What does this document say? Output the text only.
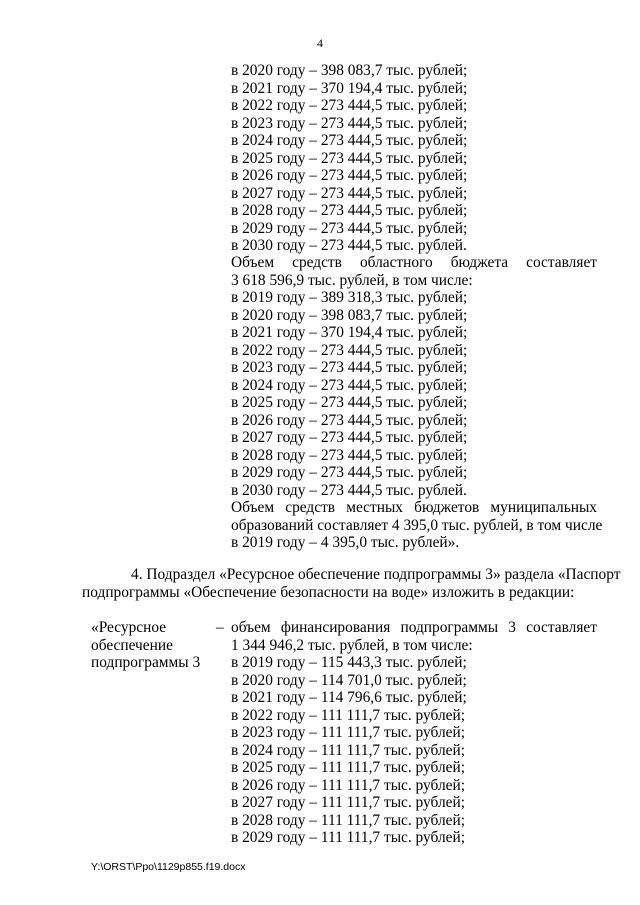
4
в 2020 году – 398 083,7 тыс. рублей;
в 2021 году – 370 194,4 тыс. рублей;
в 2022 году – 273 444,5 тыс. рублей;
в 2023 году – 273 444,5 тыс. рублей;
в 2024 году – 273 444,5 тыс. рублей;
в 2025 году – 273 444,5 тыс. рублей;
в 2026 году – 273 444,5 тыс. рублей;
в 2027 году – 273 444,5 тыс. рублей;
в 2028 году – 273 444,5 тыс. рублей;
в 2029 году – 273 444,5 тыс. рублей;
в 2030 году – 273 444,5 тыс. рублей.
Объем средств областного бюджета составляет
3 618 596,9 тыс. рублей, в том числе:
в 2019 году – 389 318,3 тыс. рублей;
в 2020 году – 398 083,7 тыс. рублей;
в 2021 году – 370 194,4 тыс. рублей;
в 2022 году – 273 444,5 тыс. рублей;
в 2023 году – 273 444,5 тыс. рублей;
в 2024 году – 273 444,5 тыс. рублей;
в 2025 году – 273 444,5 тыс. рублей;
в 2026 году – 273 444,5 тыс. рублей;
в 2027 году – 273 444,5 тыс. рублей;
в 2028 году – 273 444,5 тыс. рублей;
в 2029 году – 273 444,5 тыс. рублей;
в 2030 году – 273 444,5 тыс. рублей.
Объем средств местных бюджетов муниципальных
образований составляет 4 395,0 тыс. рублей, в том числе
в 2019 году – 4 395,0 тыс. рублей».
4. Подраздел «Ресурсное обеспечение подпрограммы 3» раздела «Паспорт
подпрограммы «Обеспечение безопасности на воде» изложить в редакции:
«Ресурсное
обеспечение
подпрограммы 3
– объем финансирования подпрограммы 3 составляет
1 344 946,2 тыс. рублей, в том числе:
в 2019 году – 115 443,3 тыс. рублей;
в 2020 году – 114 701,0 тыс. рублей;
в 2021 году – 114 796,6 тыс. рублей;
в 2022 году – 111 111,7 тыс. рублей;
в 2023 году – 111 111,7 тыс. рублей;
в 2024 году – 111 111,7 тыс. рублей;
в 2025 году – 111 111,7 тыс. рублей;
в 2026 году – 111 111,7 тыс. рублей;
в 2027 году – 111 111,7 тыс. рублей;
в 2028 году – 111 111,7 тыс. рублей;
в 2029 году – 111 111,7 тыс. рублей;
Y:\ORST\Ppo\1129p855.f19.docx
